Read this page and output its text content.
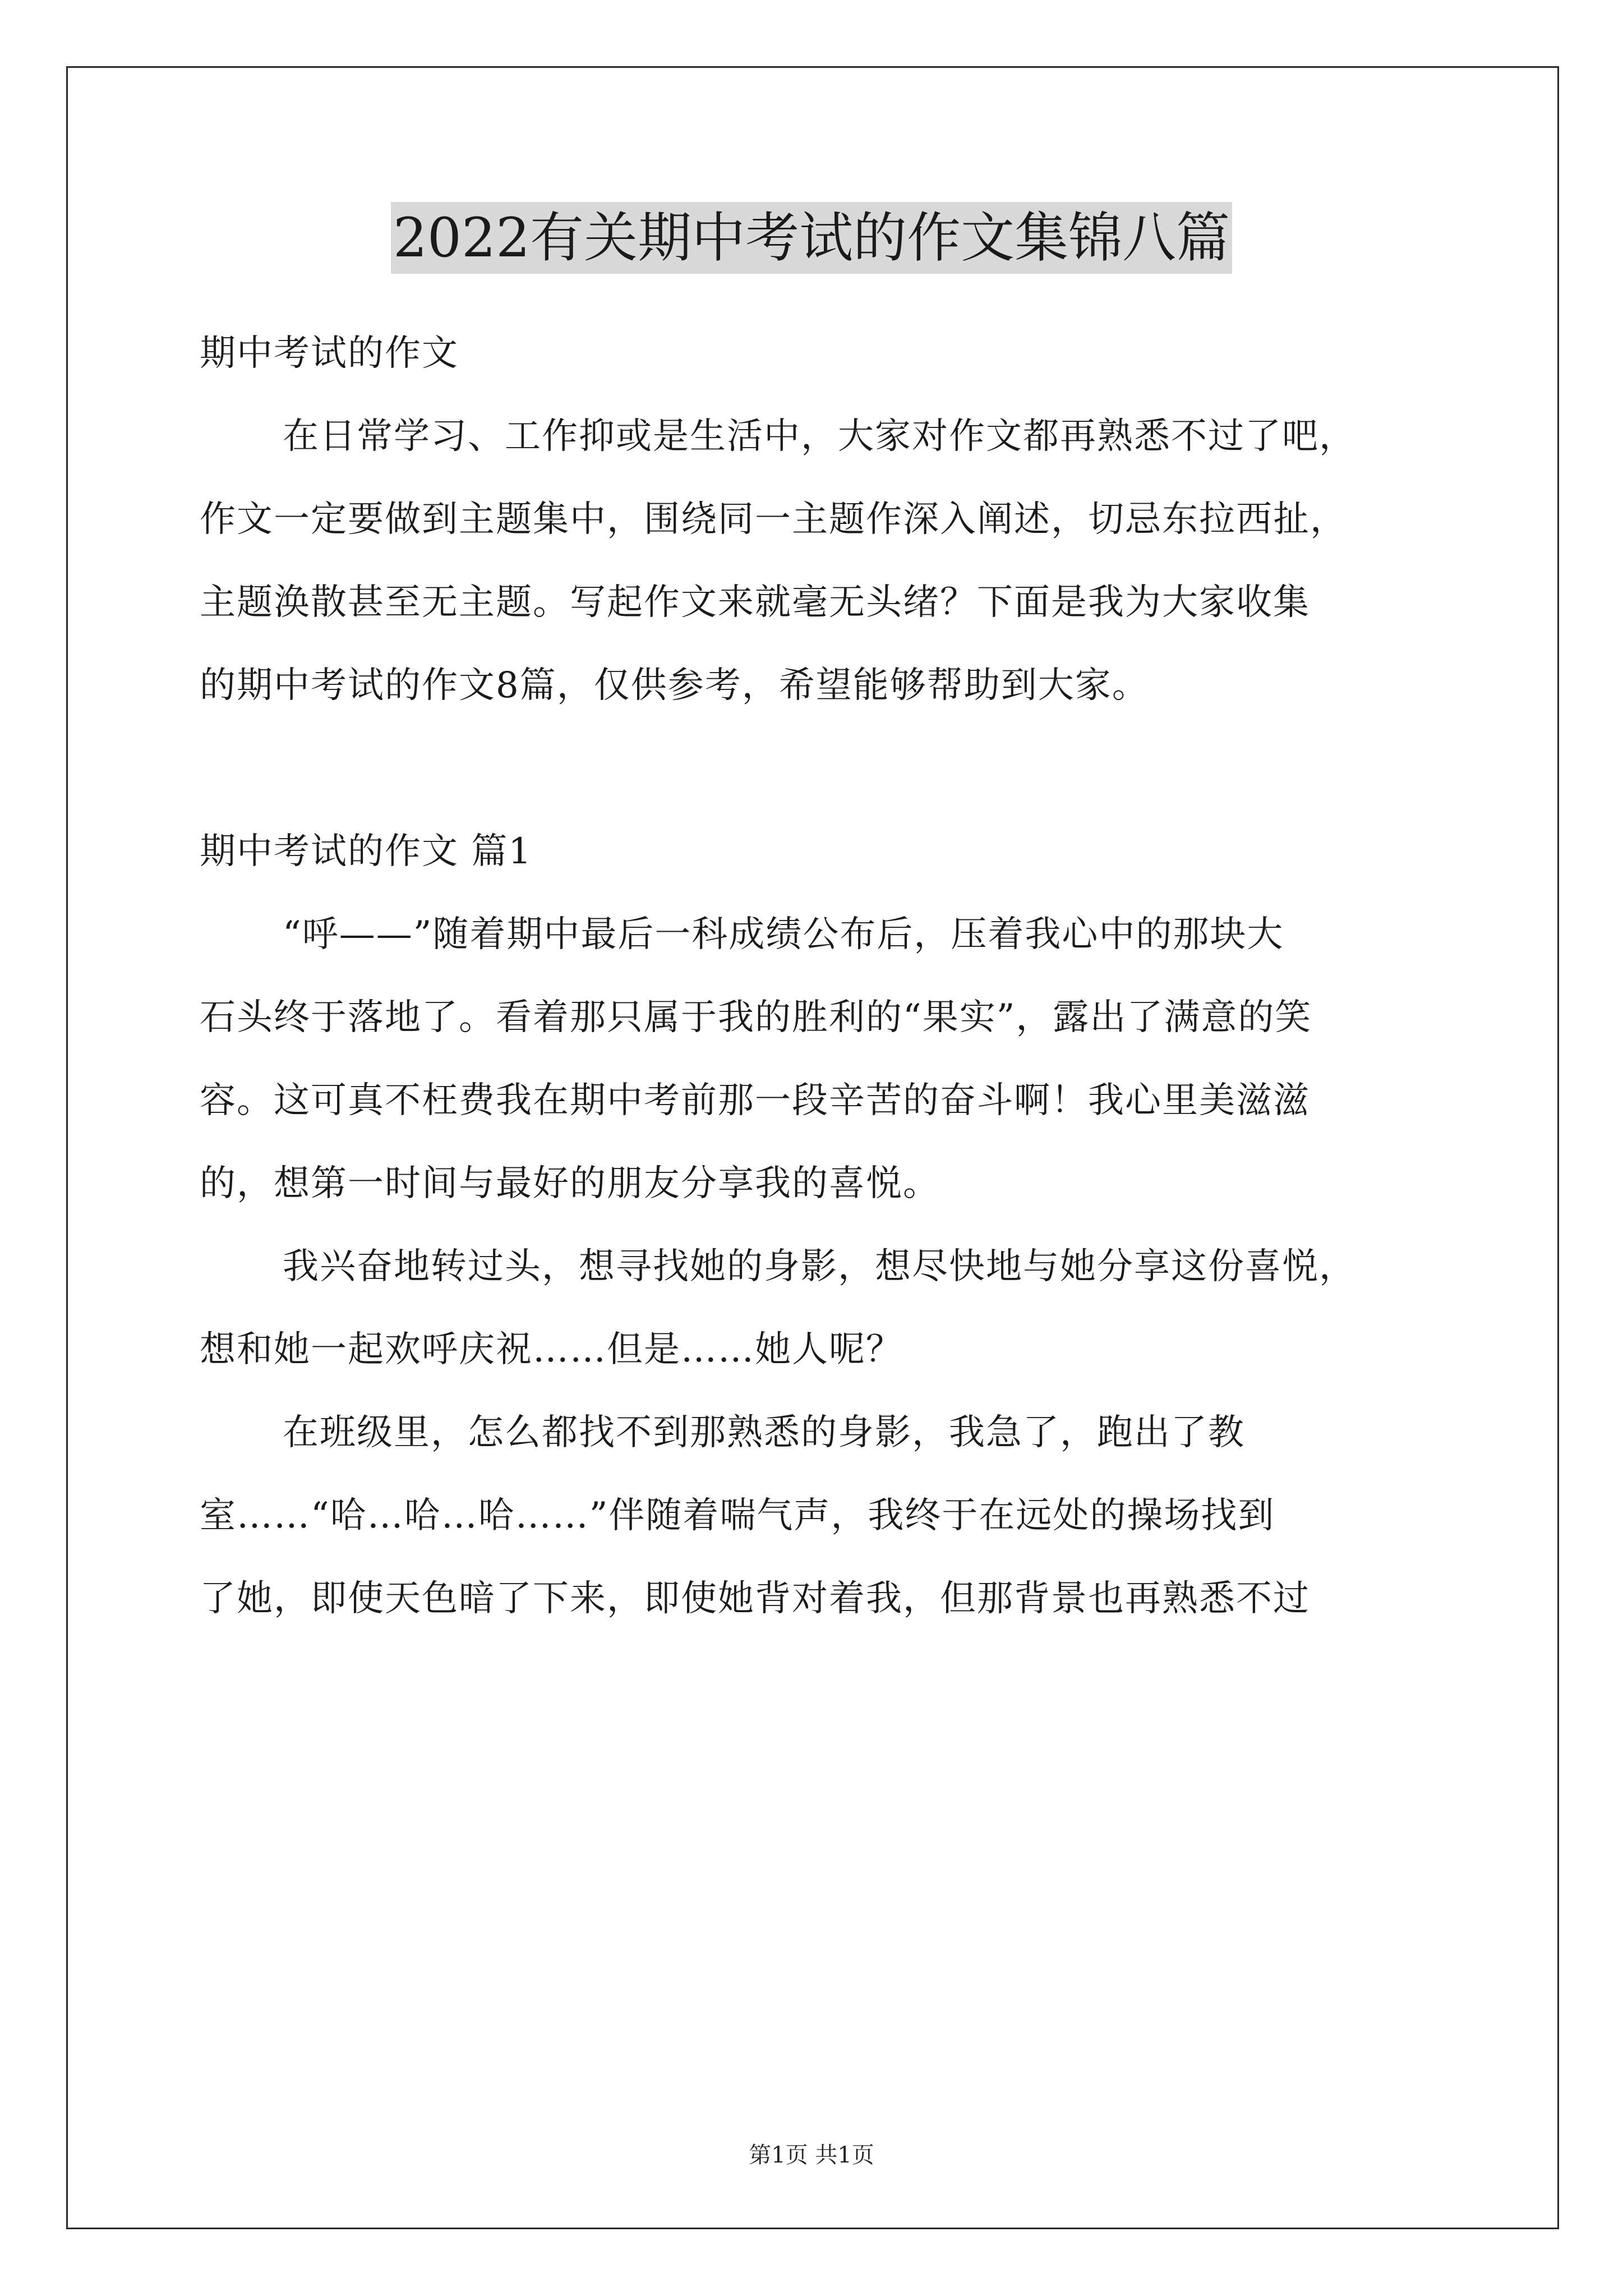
2022有关期中考试的作文集锦八篇
期中考试的作文
在日常学习、工作抑或是生活中，大家对作文都再熟悉不过了吧，
作文一定要做到主题集中，围绕同一主题作深入阐述，切忌东拉西扯，
主题涣散甚至无主题。写起作文来就毫无头绪？下面是我为大家收集
的期中考试的作文8篇，仅供参考，希望能够帮助到大家。
期中考试的作文 篇1
“呼——”随着期中最后一科成绩公布后，压着我心中的那块大
石头终于落地了。看着那只属于我的胜利的“果实”，露出了满意的笑
容。这可真不枉费我在期中考前那一段辛苦的奋斗啊！我心里美滋滋
的，想第一时间与最好的朋友分享我的喜悦。
我兴奋地转过头，想寻找她的身影，想尽快地与她分享这份喜悦，
想和她一起欢呼庆祝……但是……她人呢？
在班级里，怎么都找不到那熟悉的身影，我急了，跑出了教
室……“哈…哈…哈……”伴随着喘气声，我终于在远处的操场找到
了她，即使天色暗了下来，即使她背对着我，但那背景也再熟悉不过
第1页 共1页
